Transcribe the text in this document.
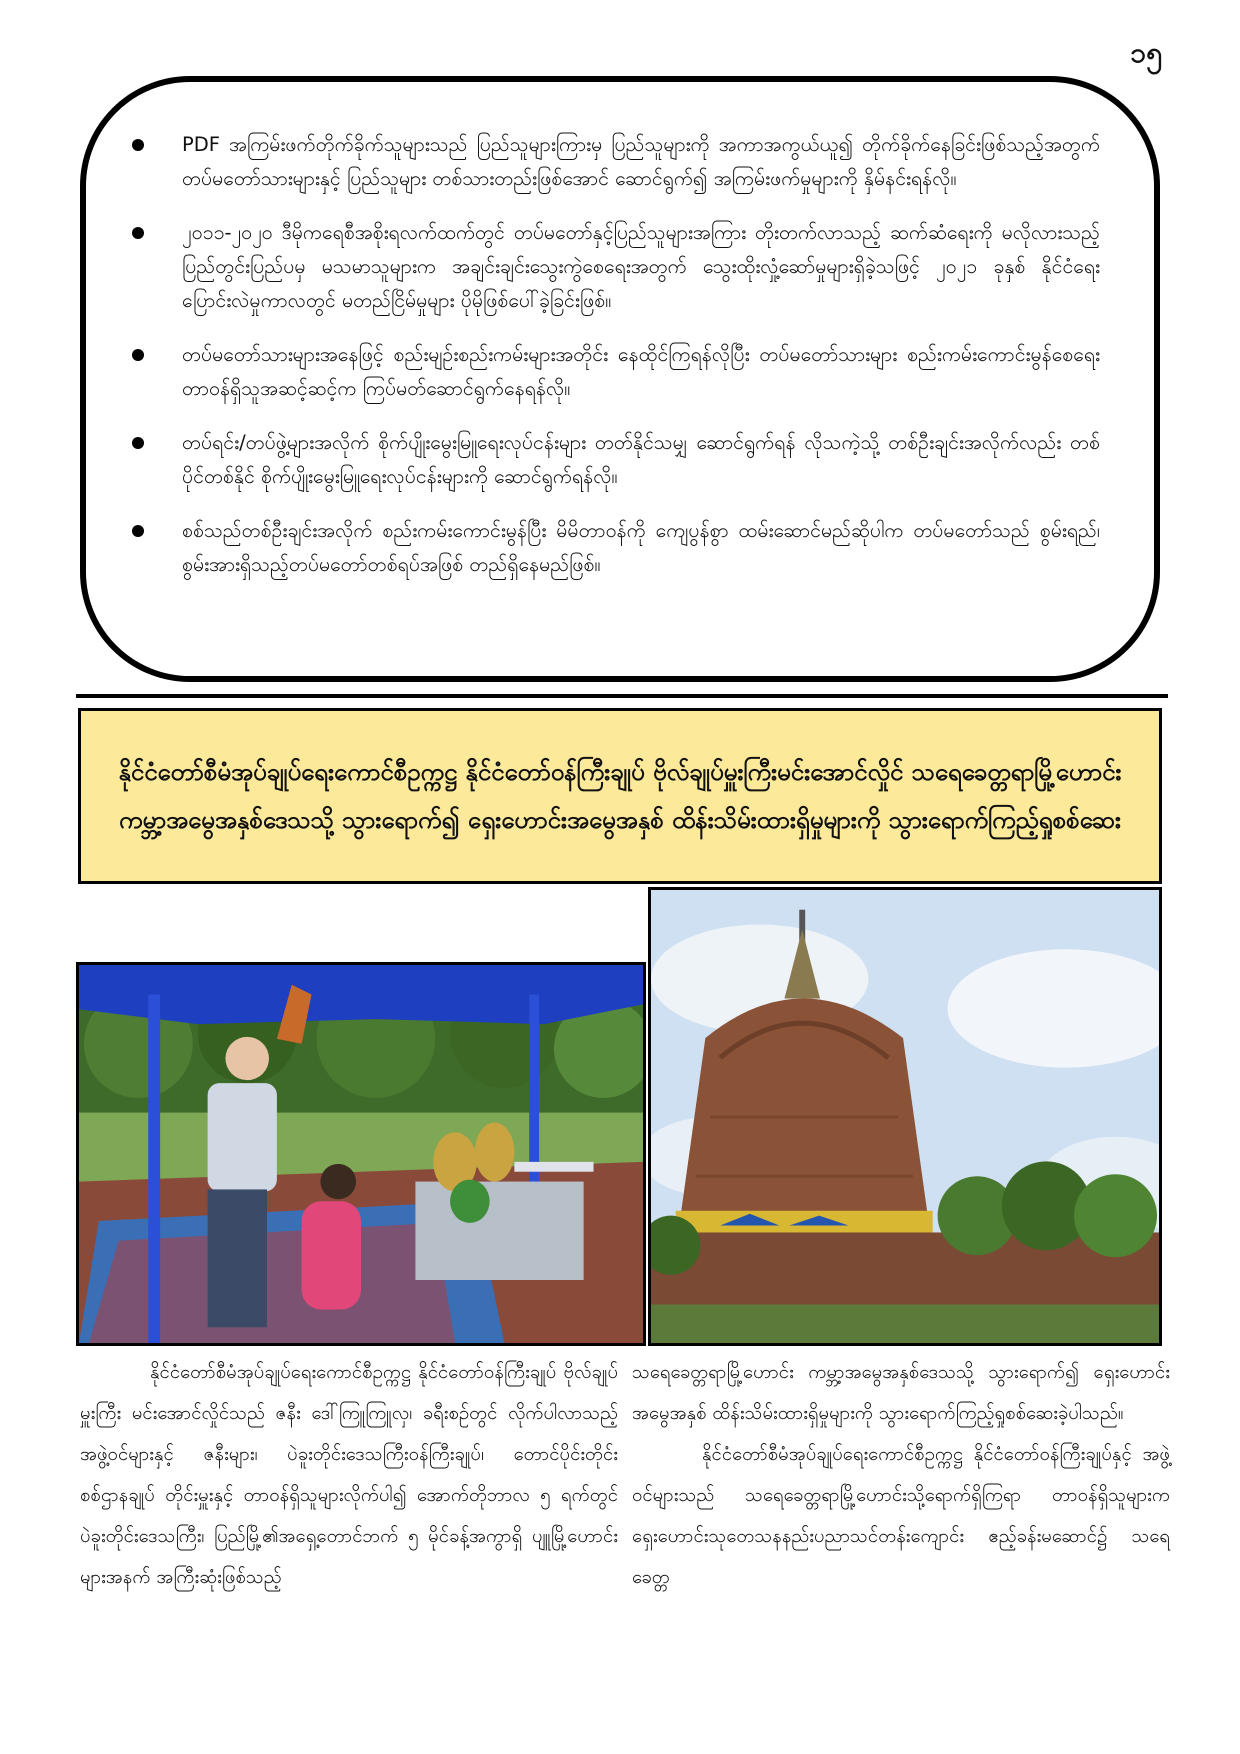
၁၅
PDF အကြမ်းဖက်တိုက်ခိုက်သူများသည် ပြည်သူများကြားမှ ပြည်သူများကို အကာအကွယ်ယူ၍ တိုက်ခိုက်နေခြင်းဖြစ်သည့်အတွက် တပ်မတော်သားများနှင့် ပြည်သူများ တစ်သားတည်းဖြစ်အောင် ဆောင်ရွက်၍ အကြမ်းဖက်မှုများကို နှိမ်နင်းရန်လို။
၂၀၁၁-၂၀၂၀ ဒီမိုကရေစီအစိုးရလက်ထက်တွင် တပ်မတော်နှင့်ပြည်သူများအကြား တိုးတက်လာသည့် ဆက်ဆံရေးကို မလိုလားသည့် ပြည်တွင်းပြည်ပမှ မသမာသူများက အချင်းချင်းသွေးကွဲစေရေးအတွက် သွေးထိုးလှုံ့ဆော်မှုများရှိခဲ့သဖြင့် ၂၀၂၁ ခုနှစ် နိုင်ငံရေး ပြောင်းလဲမှုကာလတွင် မတည်ငြိမ်မှုများ ပိုမိုဖြစ်ပေါ်ခဲ့ခြင်းဖြစ်။
တပ်မတော်သားများအနေဖြင့် စည်းမျဉ်းစည်းကမ်းများအတိုင်း နေထိုင်ကြရန်လိုပြီး တပ်မတော်သားများ စည်းကမ်းကောင်းမွန်စေရေး တာဝန်ရှိသူအဆင့်ဆင့်က ကြပ်မတ်ဆောင်ရွက်နေရန်လို။
တပ်ရင်း/တပ်ဖွဲ့များအလိုက် စိုက်ပျိုးမွေးမြူရေးလုပ်ငန်းများ တတ်နိုင်သမျှ ဆောင်ရွက်ရန် လိုသကဲ့သို့ တစ်ဦးချင်းအလိုက်လည်း တစ်ပိုင်တစ်နိုင် စိုက်ပျိုးမွေးမြူရေးလုပ်ငန်းများကို ဆောင်ရွက်ရန်လို။
စစ်သည်တစ်ဦးချင်းအလိုက် စည်းကမ်းကောင်းမွန်ပြီး မိမိတာဝန်ကို ကျေပွန်စွာ ထမ်းဆောင်မည်ဆိုပါက တပ်မတော်သည် စွမ်းရည်၊ စွမ်းအားရှိသည့်တပ်မတော်တစ်ရပ်အဖြစ် တည်ရှိနေမည်ဖြစ်။
နိုင်ငံတော်စီမံအုပ်ချုပ်ရေးကောင်စီဥက္ကဋ္ဌ နိုင်ငံတော်ဝန်ကြီးချုပ် ဗိုလ်ချုပ်မှူးကြီးမင်းအောင်လှိုင် သရေခေတ္တရာမြို့ဟောင်း ကမ္ဘာ့အမွေအနှစ်ဒေသသို့ သွားရောက်၍ ရှေးဟောင်းအမွေအနှစ် ထိန်းသိမ်းထားရှိမှုများကို သွားရောက်ကြည့်ရှုစစ်ဆေး

နိုင်ငံတော်စီမံအုပ်ချုပ်ရေးကောင်စီဥက္ကဋ္ဌ နိုင်ငံတော်ဝန်ကြီးချုပ် ဗိုလ်ချုပ်မှူးကြီး မင်းအောင်လှိုင်သည် ဇနီး ဒေါ်ကြူကြူလှ၊ ခရီးစဉ်တွင် လိုက်ပါလာသည့် အဖွဲ့ဝင်များနှင့် ဇနီးများ၊ ပဲခူးတိုင်းဒေသကြီးဝန်ကြီးချုပ်၊ တောင်ပိုင်းတိုင်းစစ်ဌာနချုပ် တိုင်းမှူးနှင့် တာဝန်ရှိသူများလိုက်ပါ၍ အောက်တိုဘာလ ၅ ရက်တွင် ပဲခူးတိုင်းဒေသကြီး၊ ပြည်မြို့၏အရှေ့တောင်ဘက် ၅ မိုင်ခန့်အကွာရှိ ပျူမြို့ဟောင်းများအနက် အကြီးဆုံးဖြစ်သည့်

သရေခေတ္တရာမြို့ဟောင်း ကမ္ဘာ့အမွေအနှစ်ဒေသသို့ သွားရောက်၍ ရှေးဟောင်းအမွေအနှစ် ထိန်းသိမ်းထားရှိမှုများကို သွားရောက်ကြည့်ရှုစစ်ဆေးခဲ့ပါသည်။

နိုင်ငံတော်စီမံအုပ်ချုပ်ရေးကောင်စီဥက္ကဋ္ဌ နိုင်ငံတော်ဝန်ကြီးချုပ်နှင့် အဖွဲ့ဝင်များသည် သရေခေတ္တရာမြို့ဟောင်းသို့ရောက်ရှိကြရာ တာဝန်ရှိသူများက ရှေးဟောင်းသုတေသနနည်းပညာသင်တန်းကျောင်း ဧည့်ခန်းမဆောင်၌ သရေခေတ္တ
